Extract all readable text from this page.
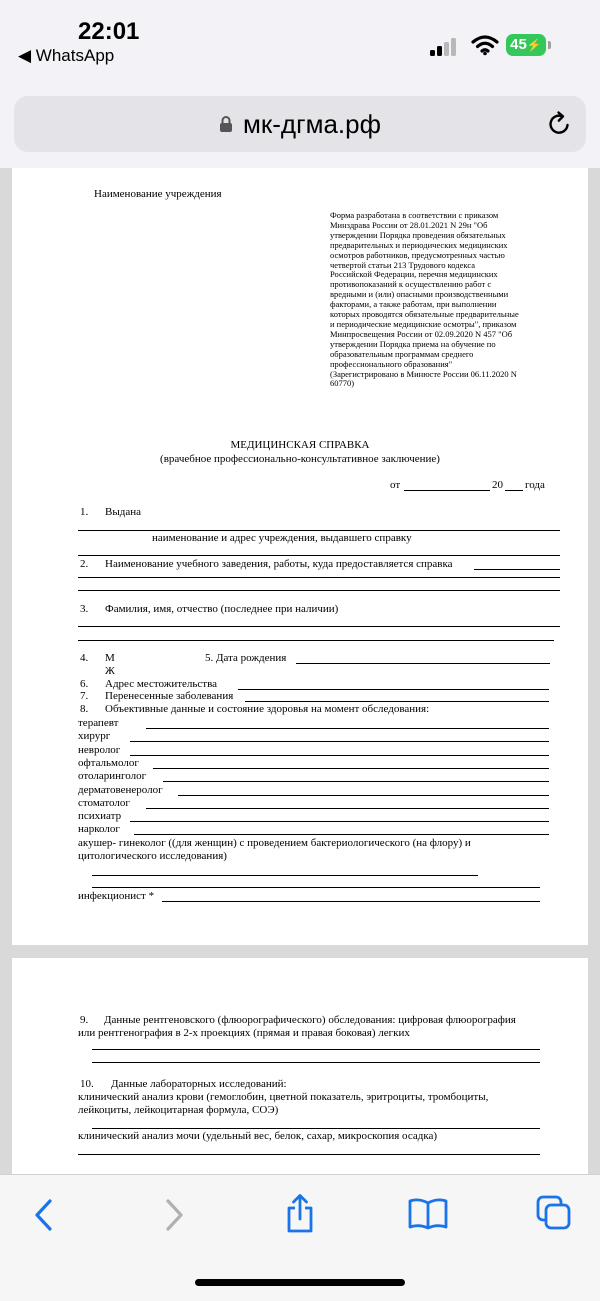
22:01
◀ WhatsApp
45⚡
мк-дгма.рф
Наименование учреждения
Форма разработана в соответствии с приказом
Минздрава России от 28.01.2021 N 29н "Об
утверждении Порядка проведения обязательных
предварительных и периодических медицинских
осмотров работников, предусмотренных частью
четвертой статьи 213 Трудового кодекса
Российской Федерации, перечня медицинских
противопоказаний к осуществлению работ с
вредными и (или) опасными производственными
факторами, а также работам, при выполнении
которых проводятся обязательные предварительные
и периодические медицинские осмотры", приказом
Минпросвещения России от 02.09.2020 N 457 "Об
утверждении Порядка приема на обучение по
образовательным программам среднего
профессионального образования"
(Зарегистрировано в Минюсте России 06.11.2020 N
60770)
МЕДИЦИНСКАЯ СПРАВКА
(врачебное профессионально-консультативное заключение)
от	20 года
1. Выдана
наименование и адрес учреждения, выдавшего справку
2. Наименование учебного заведения, работы, куда предоставляется справка
3. Фамилия, имя, отчество (последнее при наличии)
4. М
Ж
5. Дата рождения
6. Адрес местожительства
7. Перенесенные заболевания
8. Объективные данные и состояние здоровья на момент обследования:
терапевт
хирург
невролог
офтальмолог
отоларинголог
дерматовенеролог
стоматолог
психиатр
нарколог
акушер- гинеколог ((для женщин) с проведением бактериологического (на флору) и
цитологического исследования)
инфекционист *
9. Данные рентгеновского (флюорографического) обследования: цифровая флюорография
или рентгенография в 2-х проекциях (прямая и правая боковая) легких
10. Данные лабораторных исследований:
клинический анализ крови (гемоглобин, цветной показатель, эритроциты, тромбоциты,
лейкоциты, лейкоцитарная формула, СОЭ)
клинический анализ мочи (удельный вес, белок, сахар, микроскопия осадка)
